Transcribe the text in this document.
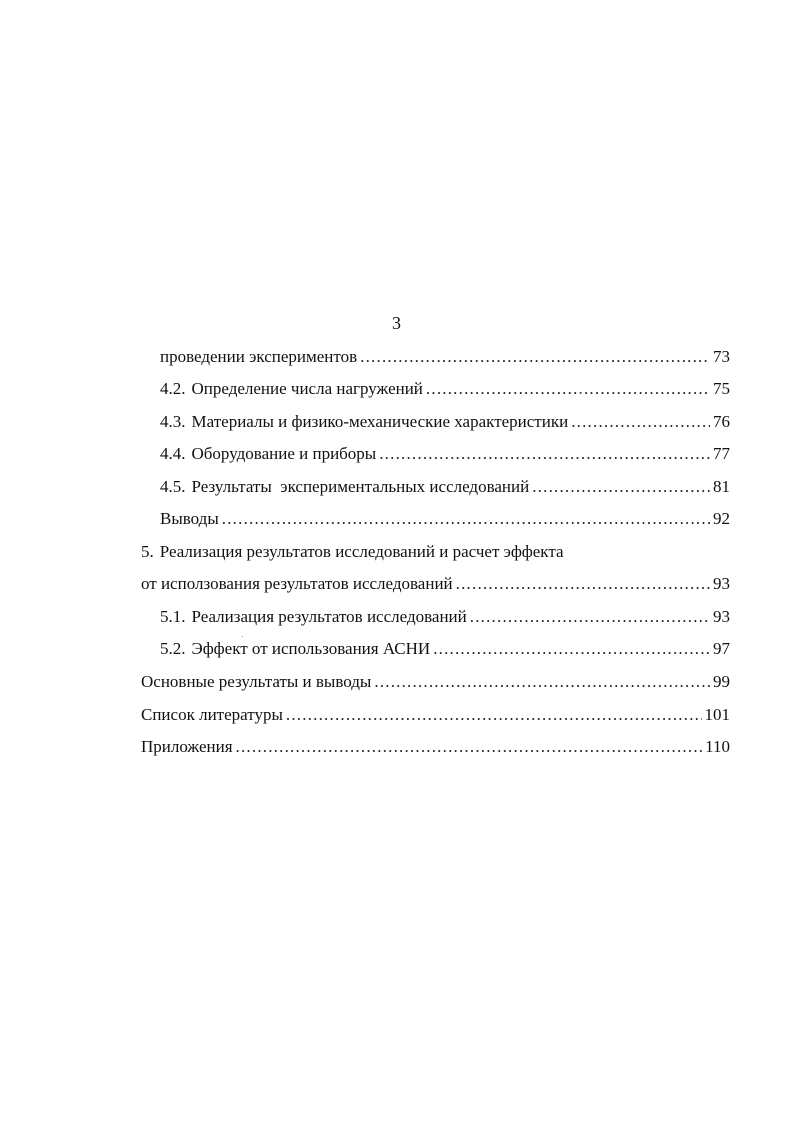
3
проведении экспериментов .....	73
4.2. Определение числа нагружений .....	75
4.3. Материалы и физико-механические характеристики .....	76
4.4. Оборудование и приборы .....	77
4.5. Результаты  экспериментальных исследований .....	81
Выводы .....	92
5. Реализация результатов исследований и расчет эффекта
от исползования результатов исследований .....	93
5.1. Реализация результатов исследований .....	93
5.2. Эффект от использования АСНИ .....	97
Основные результаты и выводы .....	99
Список литературы .....	101
Приложения .....	110
